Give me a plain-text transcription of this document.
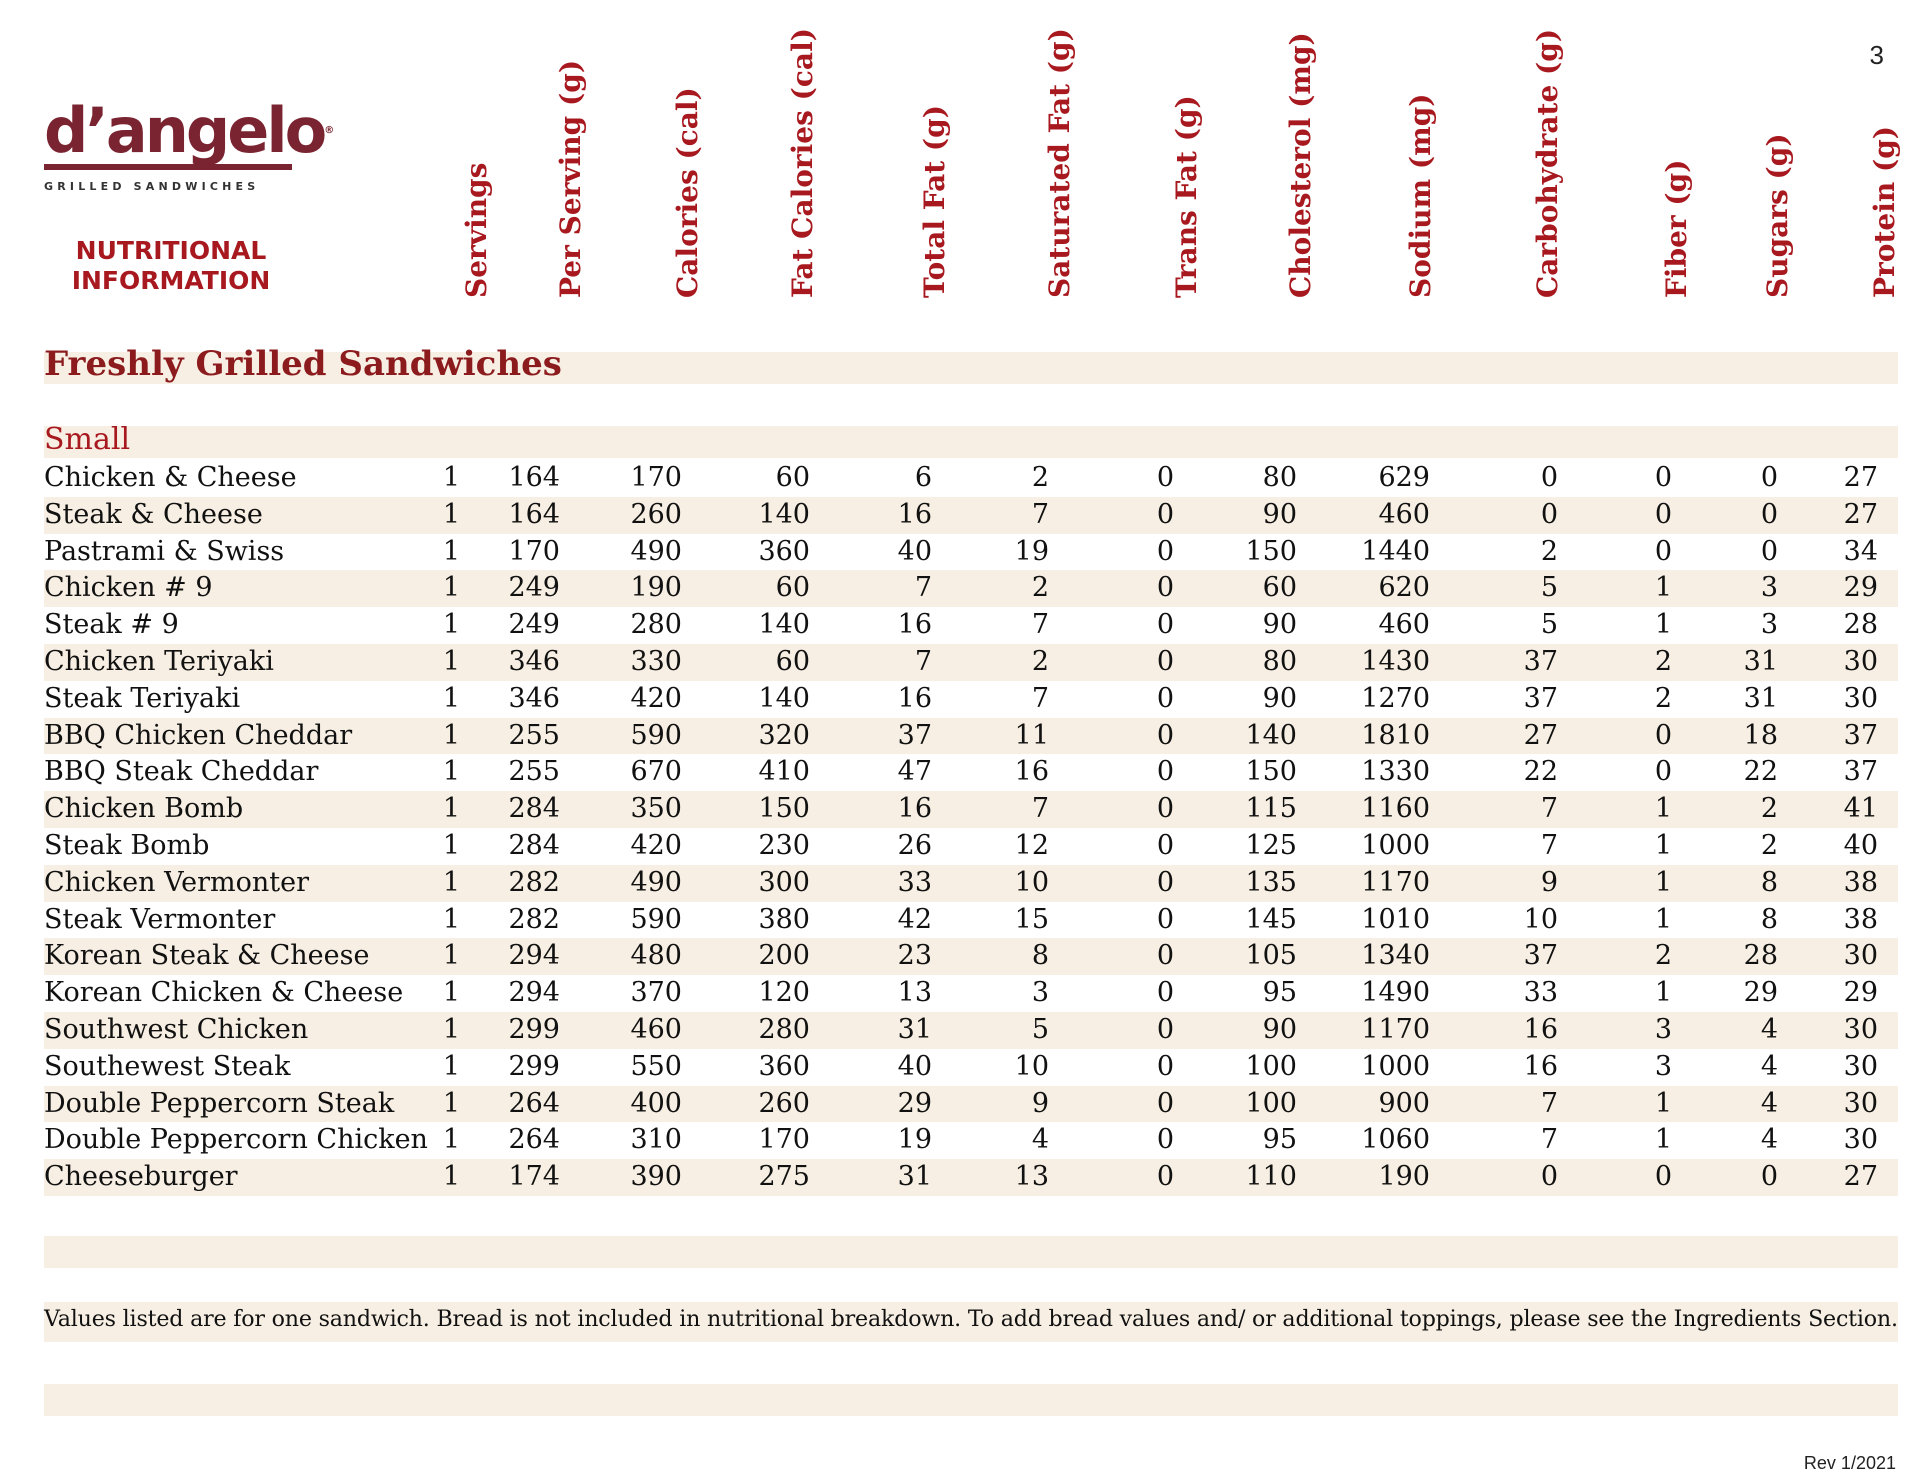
3
d’angelo®
GRILLED SANDWICHES
NUTRITIONAL
INFORMATION	Servings Per Serving (g)	Calories (cal)	Fat Calories (cal)	Total Fat (g)	Saturated Fat (g)	Trans Fat (g)	Cholesterol (mg)	Sodium (mg)	Carbohydrate (g)	Fiber (g) Sugars (g)	Protein (g)
Freshly Grilled Sandwiches
Small
Chicken & Cheese	1 164	170	60	6	2	0	80	629	0	0	0 27
Steak & Cheese	1 164	260	140	16	7	0	90	460	0	0	0 27
Pastrami & Swiss	1 170	490	360	40	19	0	150 1440	2	0	0 34
Chicken # 9	1 249	190	60	7	2	0	60	620	5	1	3 29
Steak # 9	1 249	280	140	16	7	0	90	460	5	1	3 28
Chicken Teriyaki	1 346	330	60	7	2	0	80 1430	37	2	31 30
Steak Teriyaki	1 346	420	140	16	7	0	90 1270	37	2	31 30
BBQ Chicken Cheddar	1 255	590	320	37	11	0	140 1810	27	0	18 37
BBQ Steak Cheddar	1 255	670	410	47	16	0	150 1330	22	0	22 37
Chicken Bomb	1 284	350	150	16	7	0	115 1160	7	1	2 41
Steak Bomb	1 284	420	230	26	12	0	125 1000	7	1	2 40
Chicken Vermonter	1 282	490	300	33	10	0	135 1170	9	1	8 38
Steak Vermonter	1 282	590	380	42	15	0	145 1010	10	1	8 38
Korean Steak & Cheese	1 294	480	200	23	8	0	105 1340	37	2	28 30
Korean Chicken & Cheese 1 294	370	120	13	3	0	95 1490	33	1	29 29
Southwest Chicken	1 299	460	280	31	5	0	90 1170	16	3	4 30
Southewest Steak	1 299	550	360	40	10	0	100 1000	16	3	4 30
Double Peppercorn Steak 1 264	400	260	29	9	0	100	900	7	1	4 30
Double Peppercorn Chicken 1 264	310	170	19	4	0	95 1060	7	1	4 30
Cheeseburger	1 174	390	275	31	13	0	110	190	0	0	0 27
Values listed are for one sandwich. Bread is not included in nutritional breakdown. To add bread values and/ or additional toppings, please see the Ingredients Section.
Rev 1/2021
